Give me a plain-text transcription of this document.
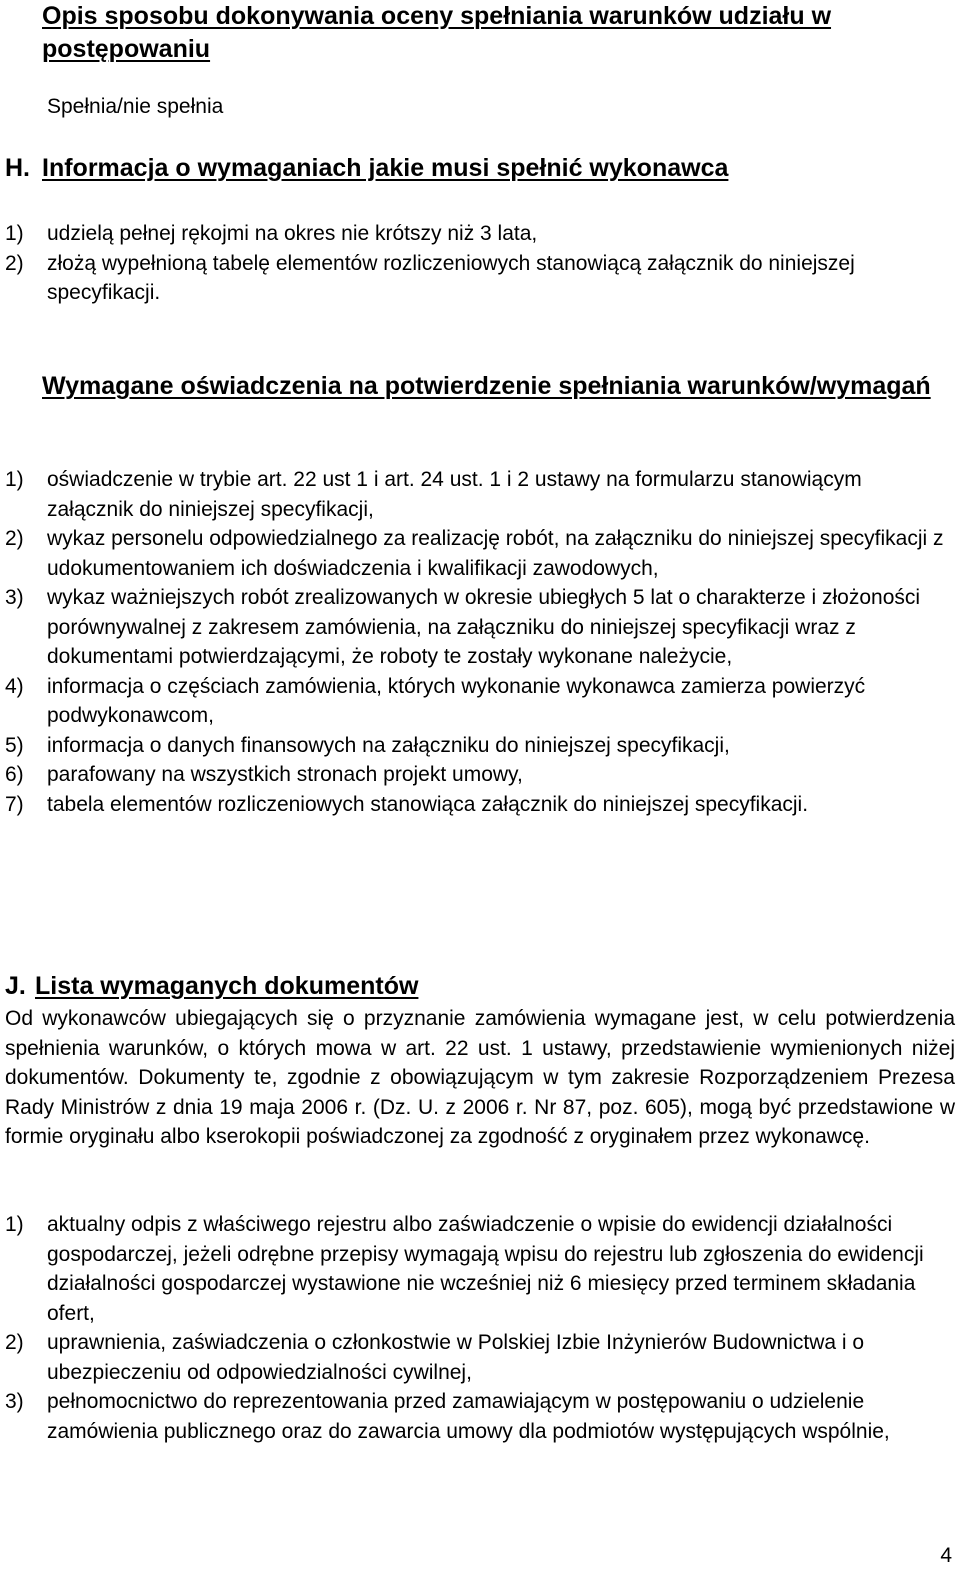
Opis sposobu dokonywania oceny spełniania warunków udziału w postępowaniu

Spełnia/nie spełnia

H. Informacja o wymaganiach jakie musi spełnić wykonawca
1) udzielą pełnej rękojmi na okres nie krótszy niż 3 lata,
2) złożą wypełnioną tabelę elementów rozliczeniowych stanowiącą załącznik do niniejszej specyfikacji.
Wymagane oświadczenia na potwierdzenie spełniania warunków/wymagań
1) oświadczenie w trybie art. 22 ust 1 i art. 24 ust. 1 i 2 ustawy na formularzu stanowiącym załącznik do niniejszej specyfikacji,
2) wykaz personelu odpowiedzialnego za realizację robót, na załączniku do niniejszej specyfikacji z udokumentowaniem ich doświadczenia i kwalifikacji zawodowych,
3) wykaz ważniejszych robót zrealizowanych w okresie ubiegłych 5 lat o charakterze i złożoności porównywalnej z zakresem zamówienia, na załączniku do niniejszej specyfikacji wraz z dokumentami potwierdzającymi, że roboty te zostały wykonane należycie,
4) informacja o częściach zamówienia, których wykonanie wykonawca zamierza powierzyć podwykonawcom,
5) informacja o danych finansowych na załączniku do niniejszej specyfikacji,
6) parafowany na wszystkich stronach projekt umowy,
7) tabela elementów rozliczeniowych stanowiąca załącznik do niniejszej specyfikacji.
J. Lista wymaganych dokumentów

Od wykonawców ubiegających się o przyznanie zamówienia wymagane jest, w celu potwierdzenia spełnienia warunków, o których mowa w art. 22 ust. 1 ustawy, przedstawienie wymienionych niżej dokumentów. Dokumenty te, zgodnie z obowiązującym w tym zakresie Rozporządzeniem Prezesa Rady Ministrów z dnia 19 maja 2006 r. (Dz. U. z 2006 r. Nr 87, poz. 605), mogą być przedstawione w formie oryginału albo kserokopii poświadczonej za zgodność z oryginałem przez wykonawcę.

1) aktualny odpis z właściwego rejestru albo zaświadczenie o wpisie do ewidencji działalności gospodarczej, jeżeli odrębne przepisy wymagają wpisu do rejestru lub zgłoszenia do ewidencji działalności gospodarczej wystawione nie wcześniej niż 6 miesięcy przed terminem składania ofert,
2) uprawnienia, zaświadczenia o członkostwie w Polskiej Izbie Inżynierów Budownictwa i o ubezpieczeniu od odpowiedzialności cywilnej,
3) pełnomocnictwo do reprezentowania przed zamawiającym w postępowaniu o udzielenie zamówienia publicznego oraz do zawarcia umowy dla podmiotów występujących wspólnie,
4
